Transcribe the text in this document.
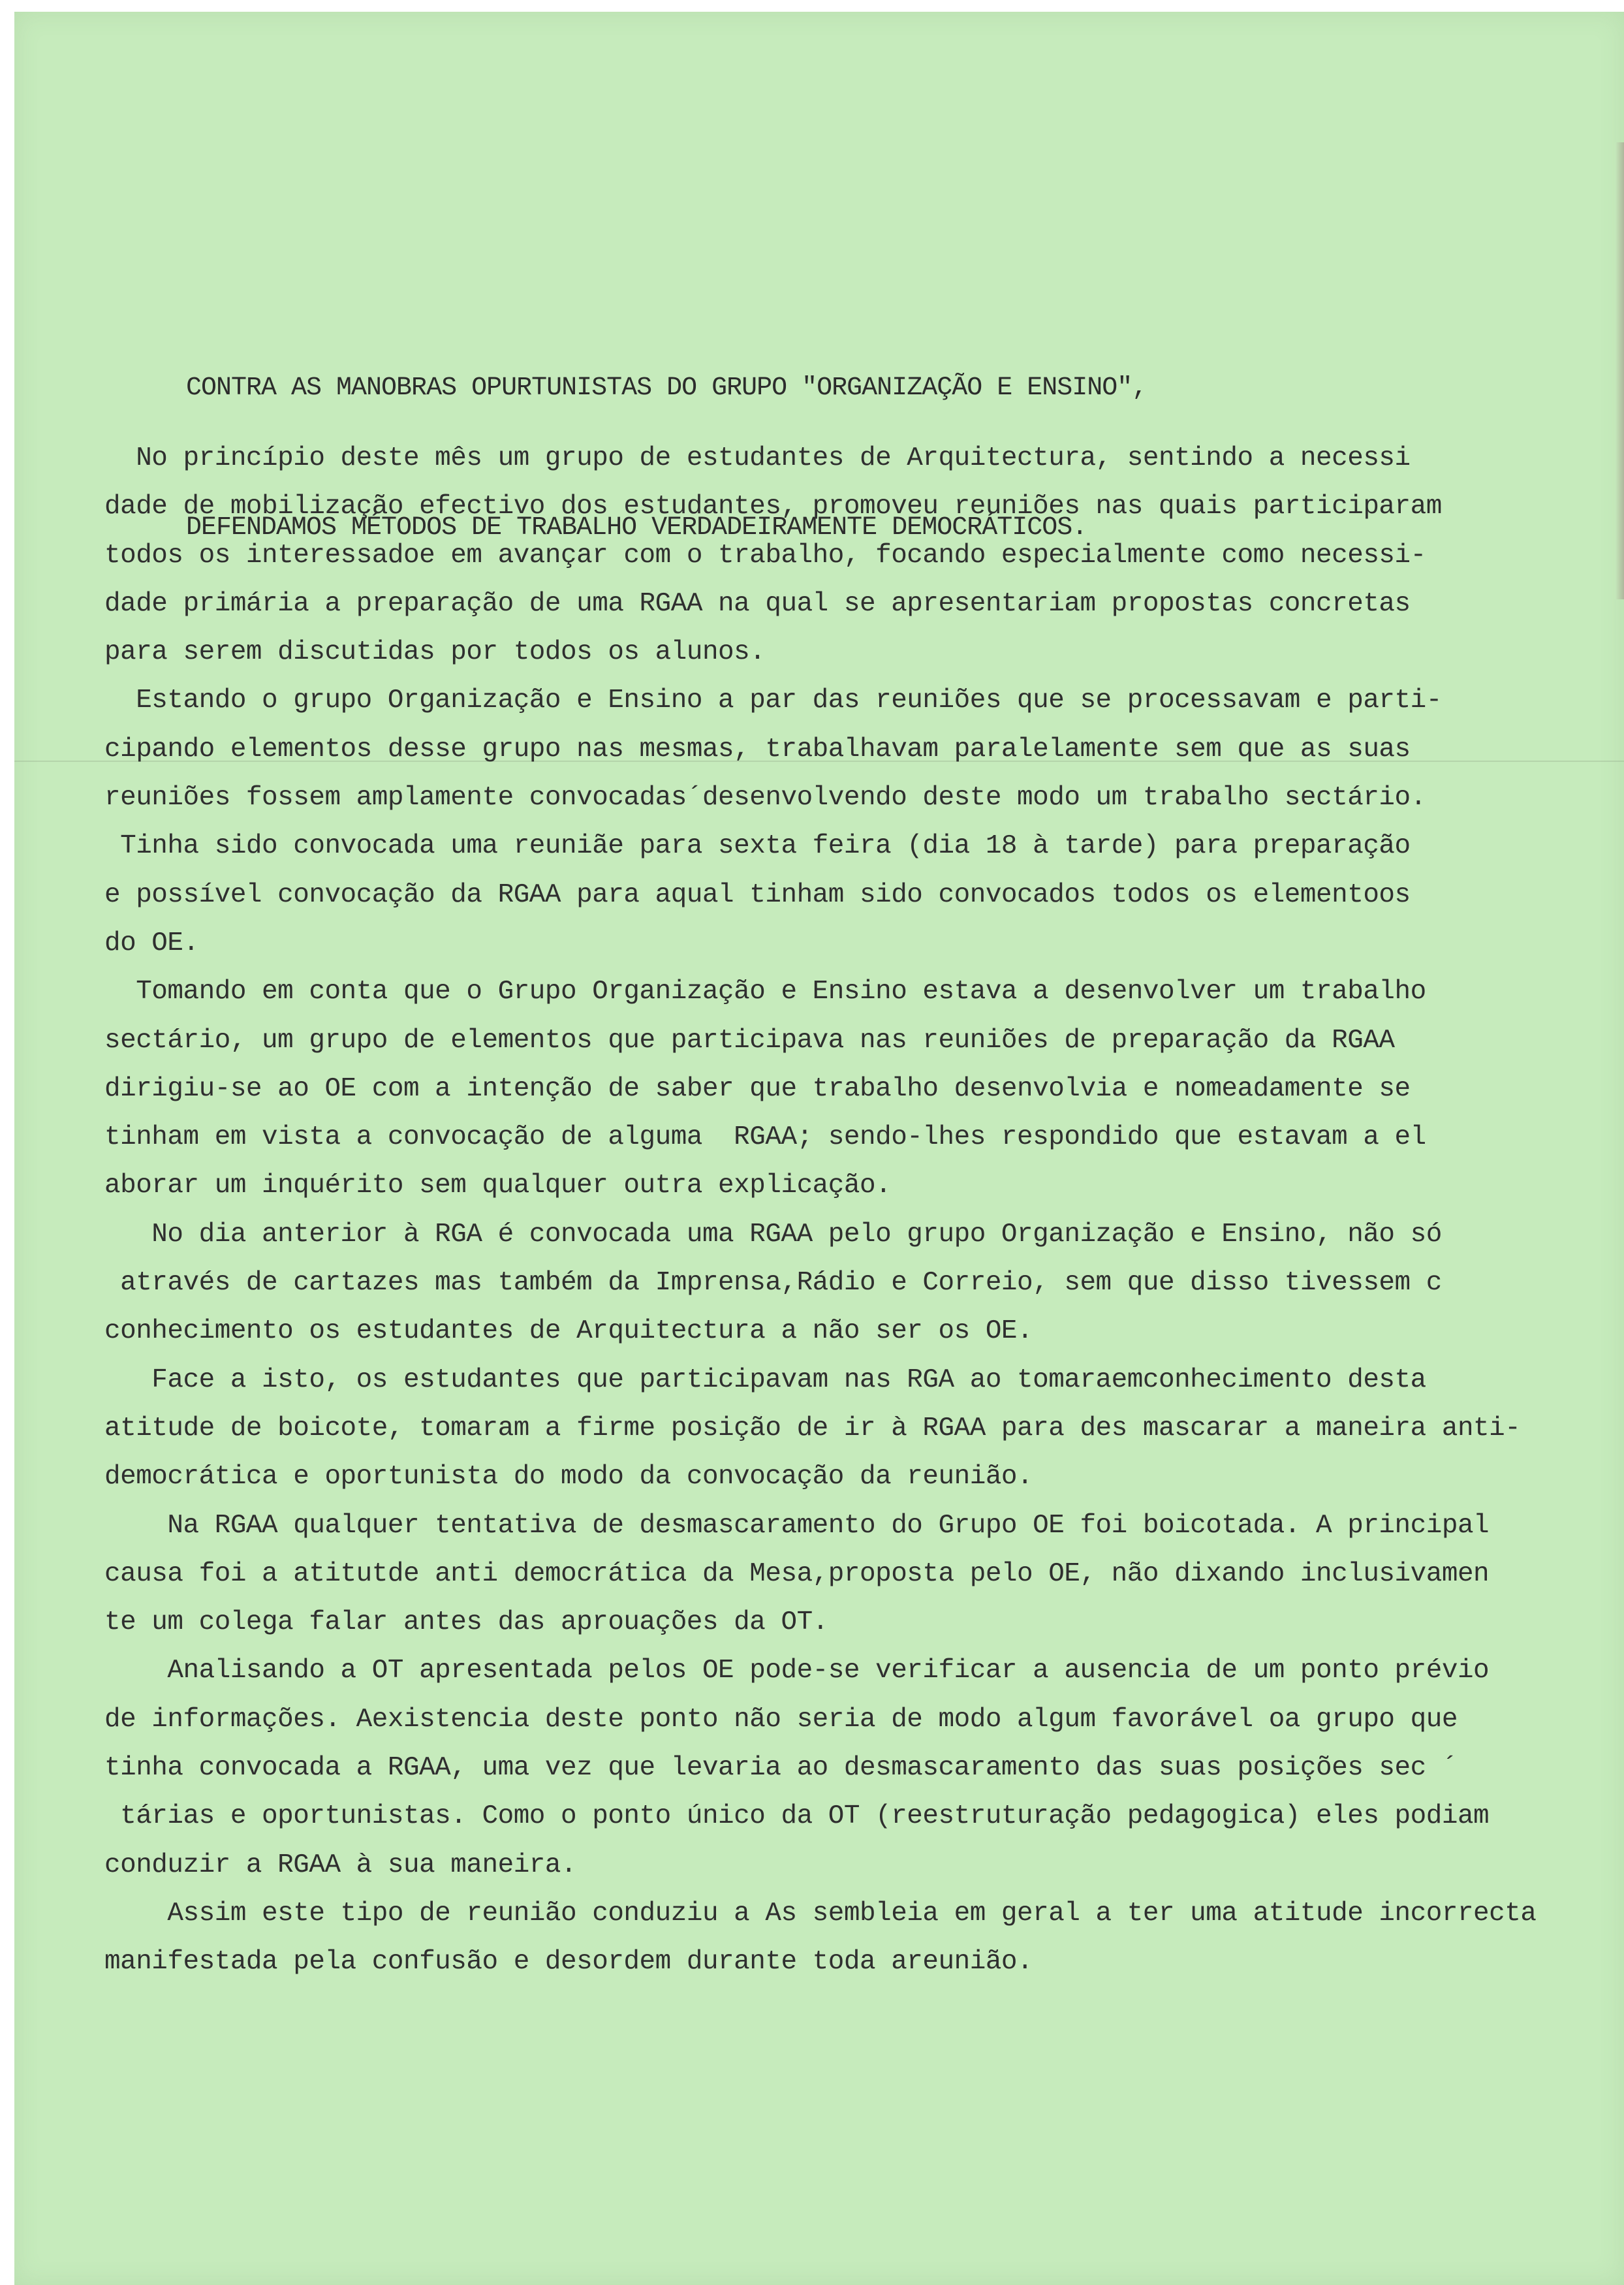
CONTRA AS MANOBRAS OPURTUNISTAS DO GRUPO "ORGANIZAÇÃO E ENSINO",

DEFENDAMOS MÉTODOS DE TRABALHO VERDADEIRAMENTE DEMOCRÁTICOS.

No princípio deste mês um grupo de estudantes de Arquitectura, sentindo a necessi
dade de mobilização efectivo dos estudantes, promoveu reuniões nas quais participaram
todos os interessadoe em avançar com o trabalho, focando especialmente como necessi-
dade primária a preparação de uma RGAA na qual se apresentariam propostas concretas
para serem discutidas por todos os alunos.
Estando o grupo Organização e Ensino a par das reuniões que se processavam e parti-
cipando elementos desse grupo nas mesmas, trabalhavam paralelamente sem que as suas
reuniões fossem amplamente convocadas´desenvolvendo deste modo um trabalho sectário.
Tinha sido convocada uma reuniãe para sexta feira (dia 18 à tarde) para preparação
e possível convocação da RGAA para aqual tinham sido convocados todos os elementoos
do OE.
Tomando em conta que o Grupo Organização e Ensino estava a desenvolver um trabalho
sectário, um grupo de elementos que participava nas reuniões de preparação da RGAA
dirigiu-se ao OE com a intenção de saber que trabalho desenvolvia e nomeadamente se
tinham em vista a convocação de alguma  RGAA; sendo-lhes respondido que estavam a el
aborar um inquérito sem qualquer outra explicação.
No dia anterior à RGA é convocada uma RGAA pelo grupo Organização e Ensino, não só
através de cartazes mas também da Imprensa,Rádio e Correio, sem que disso tivessem c
conhecimento os estudantes de Arquitectura a não ser os OE.
Face a isto, os estudantes que participavam nas RGA ao tomaraemconhecimento desta
atitude de boicote, tomaram a firme posição de ir à RGAA para des mascarar a maneira anti-
democrática e oportunista do modo da convocação da reunião.
Na RGAA qualquer tentativa de desmascaramento do Grupo OE foi boicotada. A principal
causa foi a atitutde anti democrática da Mesa,proposta pelo OE, não dixando inclusivamen
te um colega falar antes das aprouações da OT.
Analisando a OT apresentada pelos OE pode-se verificar a ausencia de um ponto prévio
de informações. Aexistencia deste ponto não seria de modo algum favorável oa grupo que
tinha convocada a RGAA, uma vez que levaria ao desmascaramento das suas posições sec ´
tárias e oportunistas. Como o ponto único da OT (reestruturação pedagogica) eles podiam
conduzir a RGAA à sua maneira.
Assim este tipo de reunião conduziu a As sembleia em geral a ter uma atitude incorrecta
manifestada pela confusão e desordem durante toda areunião.
